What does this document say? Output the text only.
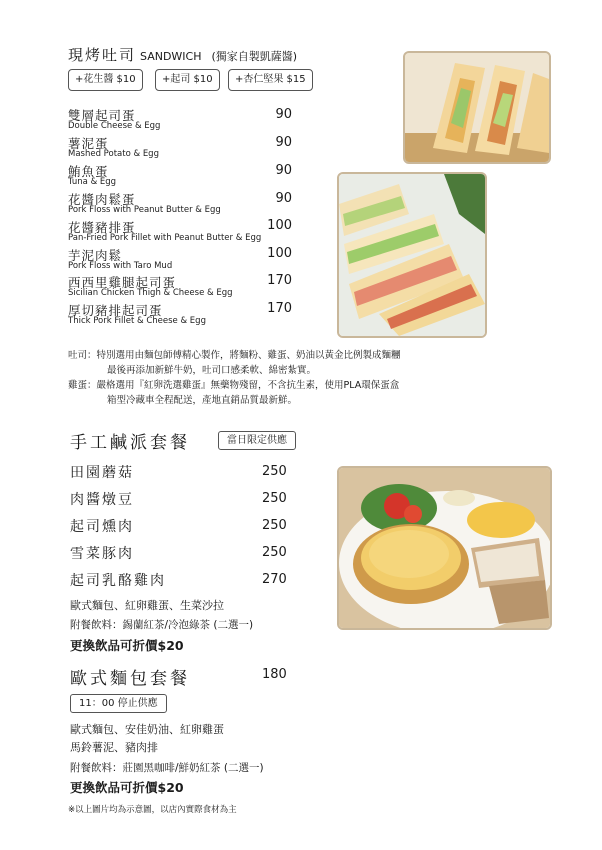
現烤吐司 SANDWICH (獨家自製凱薩醬)
+花生醬 $10	+起司 $10	+杏仁堅果 $15
雙層起司蛋
Double Cheese & Egg
90
薯泥蛋
Mashed Potato & Egg
90
鮪魚蛋
Tuna & Egg
90
花醬肉鬆蛋
Pork Floss with Peanut Butter & Egg
90
花醬豬排蛋
Pan-Fried Pork Fillet with Peanut Butter & Egg
100
芋泥肉鬆
Pork Floss with Taro Mud
100
西西里雞腿起司蛋
Sicilian Chicken Thigh & Cheese & Egg
170
厚切豬排起司蛋
Thick Pork Fillet & Cheese & Egg
170
吐司：特別選用由麵包師傅精心製作，將麵粉、雞蛋、奶油以黃金比例製成麵糰
最後再添加新鮮牛奶，吐司口感柔軟、綿密紮實。
雞蛋：嚴格選用『紅卵洗選雞蛋』無藥物殘留，不含抗生素，使用PLA環保蛋盒
箱型冷藏車全程配送，產地直銷品質最新鮮。
手工鹹派套餐	當日限定供應
田園蘑菇	250
肉醬燉豆	250
起司燻肉	250
雪菜豚肉	250
起司乳酪雞肉	270
歐式麵包、紅卵雞蛋、生菜沙拉
附餐飲料：錫蘭紅茶/冷泡綠茶 (二選一)
更換飲品可折價$20
歐式麵包套餐	180
11：00 停止供應
歐式麵包、安佳奶油、紅卵雞蛋
馬鈴薯泥、豬肉排
附餐飲料：莊園黑咖啡/鮮奶紅茶 (二選一)
更換飲品可折價$20
※以上圖片均為示意圖，以店內實際食材為主
